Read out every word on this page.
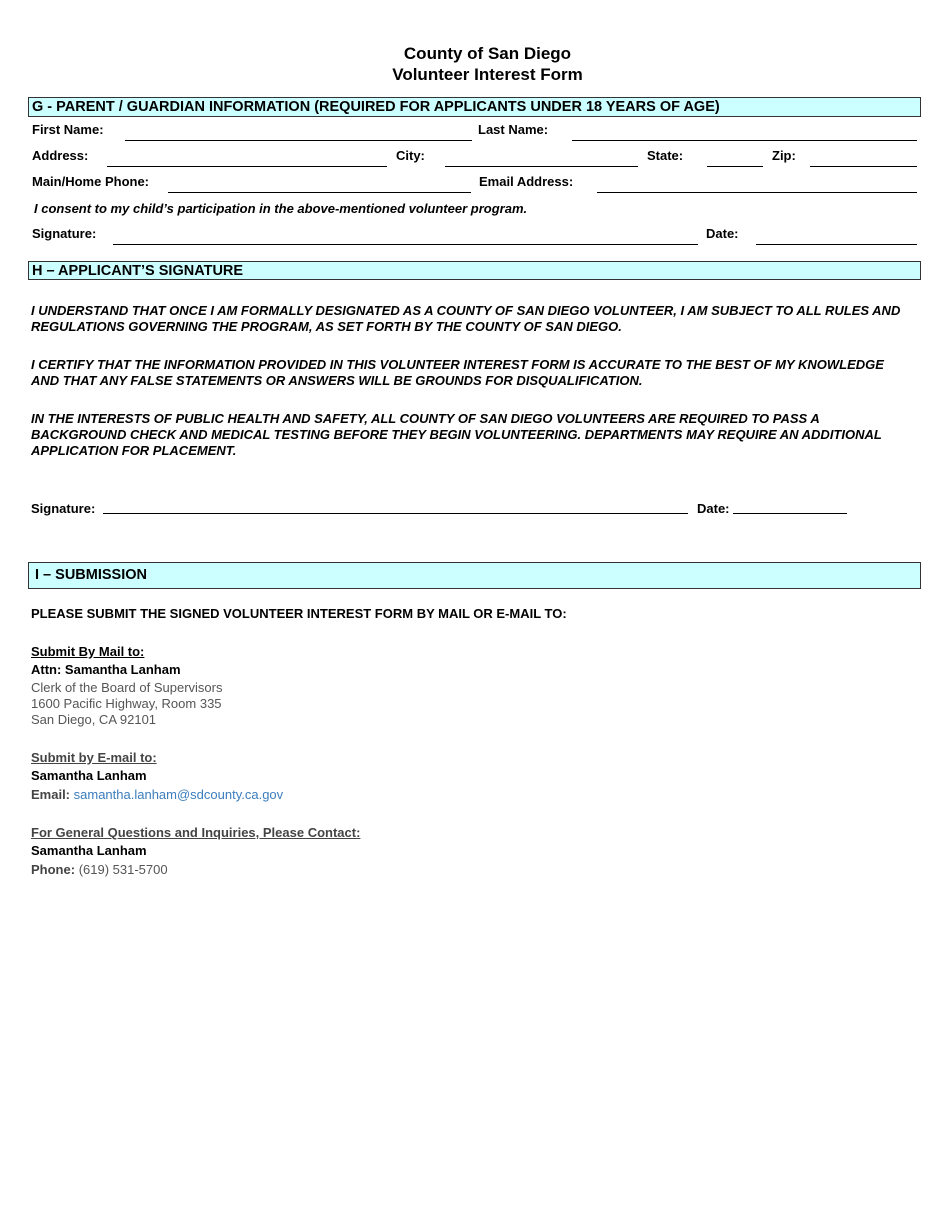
County of San Diego
Volunteer Interest Form
G - PARENT / GUARDIAN INFORMATION (REQUIRED FOR APPLICANTS UNDER 18 YEARS OF AGE)
First Name:	Last Name:
Address:	City:	State:	Zip:
Main/Home Phone:	Email Address:
I consent to my child’s participation in the above-mentioned volunteer program.
Signature:	Date:
H – APPLICANT’S SIGNATURE
I UNDERSTAND THAT ONCE I AM FORMALLY DESIGNATED AS A COUNTY OF SAN DIEGO VOLUNTEER, I AM SUBJECT TO ALL RULES AND REGULATIONS GOVERNING THE PROGRAM, AS SET FORTH BY THE COUNTY OF SAN DIEGO.
I CERTIFY THAT THE INFORMATION PROVIDED IN THIS VOLUNTEER INTEREST FORM IS ACCURATE TO THE BEST OF MY KNOWLEDGE AND THAT ANY FALSE STATEMENTS OR ANSWERS WILL BE GROUNDS FOR DISQUALIFICATION.
IN THE INTERESTS OF PUBLIC HEALTH AND SAFETY, ALL COUNTY OF SAN DIEGO VOLUNTEERS ARE REQUIRED TO PASS A BACKGROUND CHECK AND MEDICAL TESTING BEFORE THEY BEGIN VOLUNTEERING. DEPARTMENTS MAY REQUIRE AN ADDITIONAL APPLICATION FOR PLACEMENT.
Signature:	Date:
I – SUBMISSION
PLEASE SUBMIT THE SIGNED VOLUNTEER INTEREST FORM BY MAIL OR E-MAIL TO:
Submit By Mail to:
Attn: Samantha Lanham
Clerk of the Board of Supervisors
1600 Pacific Highway, Room 335
San Diego, CA 92101
Submit by E-mail to:
Samantha Lanham
Email: samantha.lanham@sdcounty.ca.gov
For General Questions and Inquiries, Please Contact:
Samantha Lanham
Phone: (619) 531-5700
